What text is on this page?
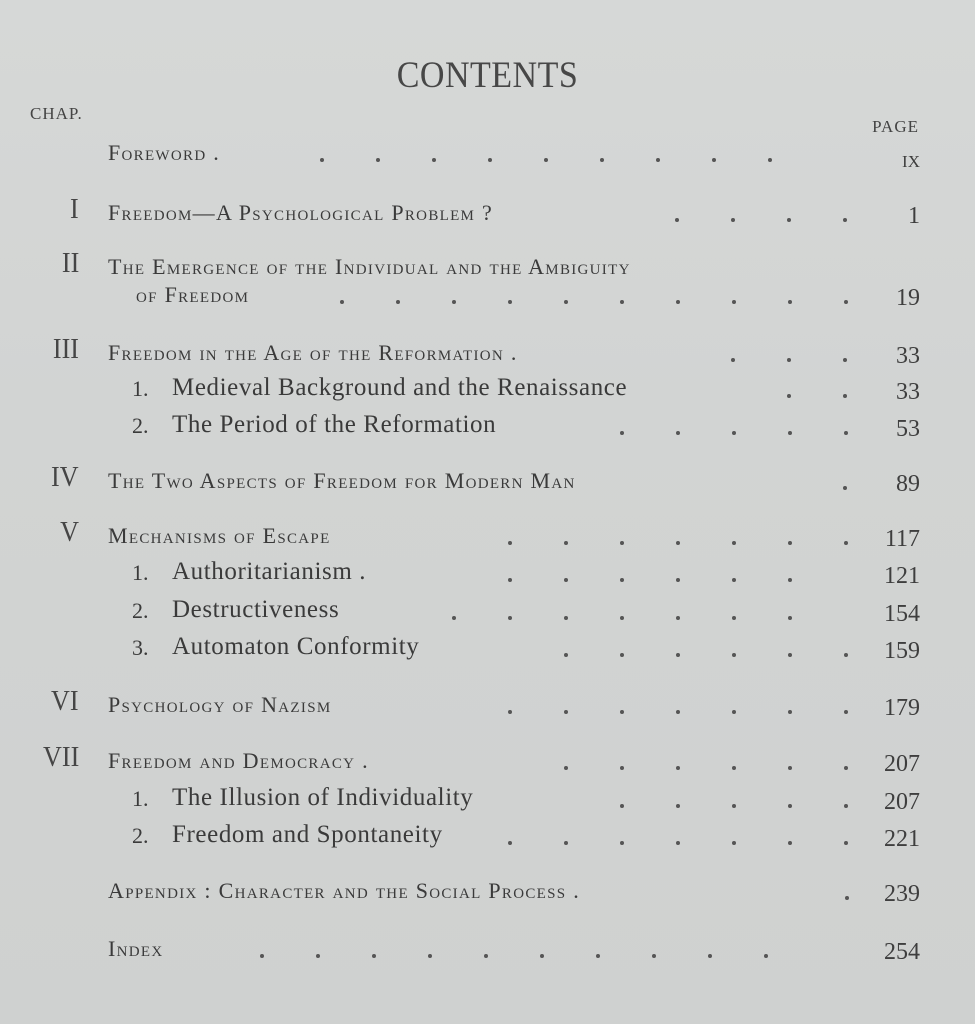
CONTENTS
CHAP.
PAGE
Foreword .	ix
I Freedom—A Psychological Problem ?	1
II The Emergence of the Individual and the Ambiguity
of Freedom	19
III Freedom in the Age of the Reformation .	33
1. Medieval Background and the Renaissance	33
2. The Period of the Reformation	53
IV The Two Aspects of Freedom for Modern Man	89
V Mechanisms of Escape	117
1. Authoritarianism .	121
2. Destructiveness	154
3. Automaton Conformity	159
VI Psychology of Nazism	179
VII Freedom and Democracy .	207
1. The Illusion of Individuality	207
2. Freedom and Spontaneity	221
Appendix : Character and the Social Process .	239
Index	254
